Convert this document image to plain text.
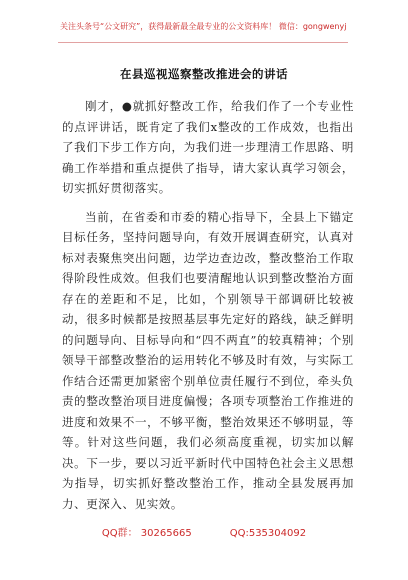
关注头条号“公文研究”，获得最新最全最专业的公文资料库！ 微信：gongwenyj
在县巡视巡察整改推进会的讲话

刚才，●就抓好整改工作，给我们作了一个专业性的点评讲话，既肯定了我们x整改的工作成效，也指出了我们下步工作方向，为我们进一步理清工作思路、明确工作举措和重点提供了指导，请大家认真学习领会，切实抓好贯彻落实。

当前，在省委和市委的精心指导下，全县上下锚定目标任务，坚持问题导向，有效开展调查研究，认真对标对表聚焦突出问题，边学边查边改，整改整治工作取得阶段性成效。但我们也要清醒地认识到整改整治方面存在的差距和不足，比如，个别领导干部调研比较被动，很多时候都是按照基层事先定好的路线，缺乏鲜明的问题导向、目标导向和“四不两直”的较真精神；个别领导干部整改整治的运用转化不够及时有效，与实际工作结合还需更加紧密个别单位责任履行不到位，牵头负责的整改整治项目进度偏慢；各项专项整治工作推进的进度和效果不一，不够平衡，整治效果还不够明显，等等。针对这些问题，我们必须高度重视，切实加以解决。下一步，要以习近平新时代中国特色社会主义思想为指导，切实抓好整改整治工作，推动全县发展再加力、更深入、见实效。

QQ群： 30265665	QQ:535304092
